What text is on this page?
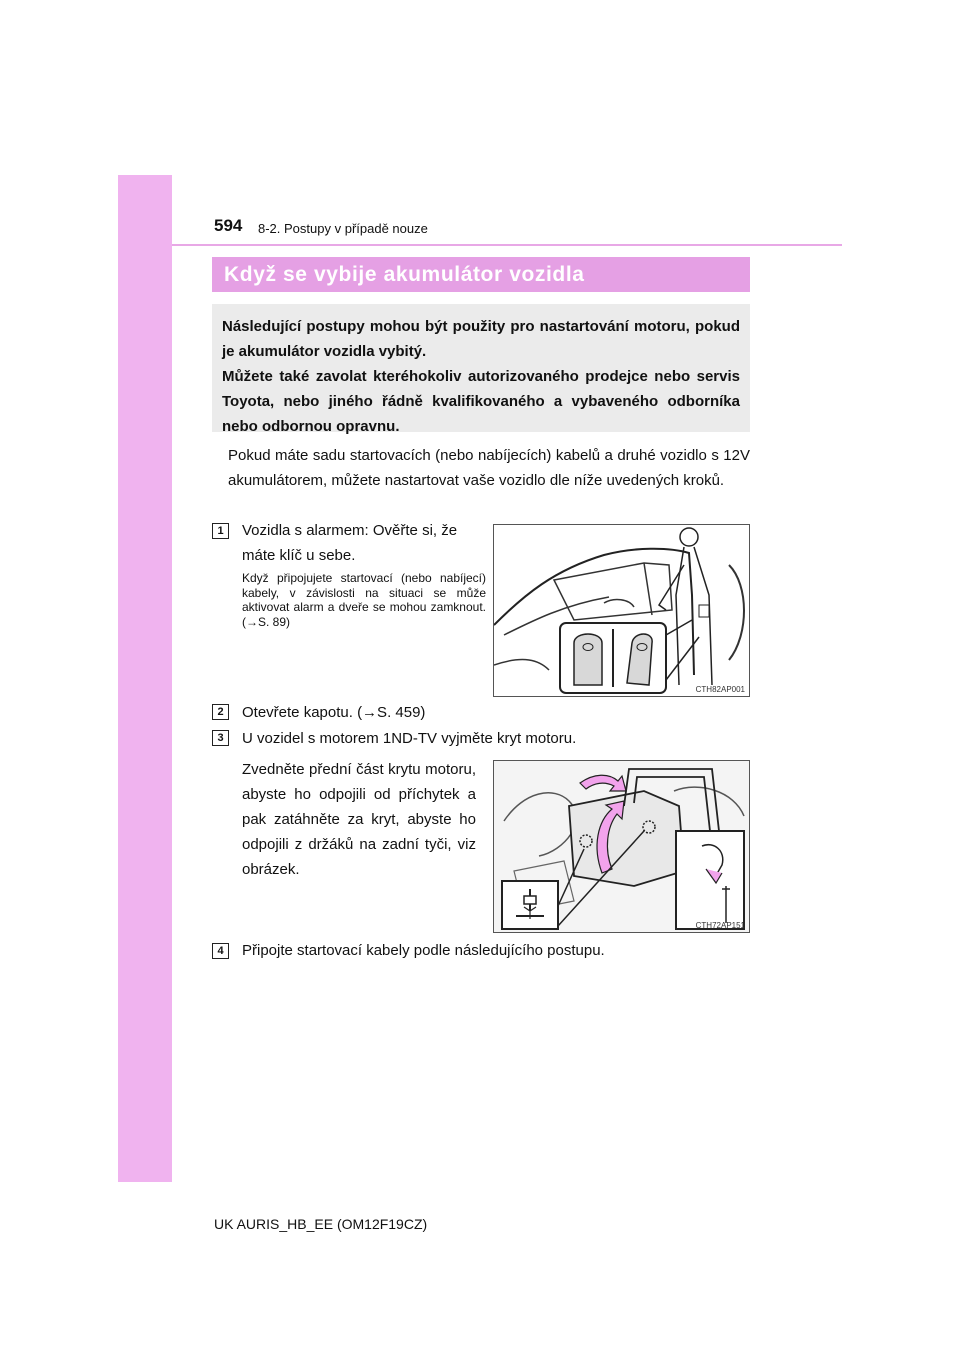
594 8-2. Postupy v případě nouze
Když se vybije akumulátor vozidla

Následující postupy mohou být použity pro nastartování motoru, pokud je akumulátor vozidla vybitý.

Můžete také zavolat kteréhokoliv autorizovaného prodejce nebo servis Toyota, nebo jiného řádně kvalifikovaného a vybaveného odborníka nebo odbornou opravnu.

Pokud máte sadu startovacích (nebo nabíjecích) kabelů a druhé vozidlo s 12V akumulátorem, můžete nastartovat vaše vozidlo dle níže uvedených kroků.
1	Vozidla s alarmem: Ověřte si, že
máte klíč u sebe.
Když připojujete startovací (nebo nabíjecí) kabely, v závislosti na situaci se může aktivovat alarm a dveře se mohou zamknout. (→S. 89)
CTH82AP001
2	Otevřete kapotu. (→S. 459)
3	U vozidel s motorem 1ND-TV vyjměte kryt motoru.
Zvedněte přední část krytu motoru, abyste ho odpojili od příchytek a pak zatáhněte za kryt, abyste ho odpojili z držáků na zadní tyči, viz obrázek.
CTH72AP151
4	Připojte startovací kabely podle následujícího postupu.
UK AURIS_HB_EE (OM12F19CZ)
